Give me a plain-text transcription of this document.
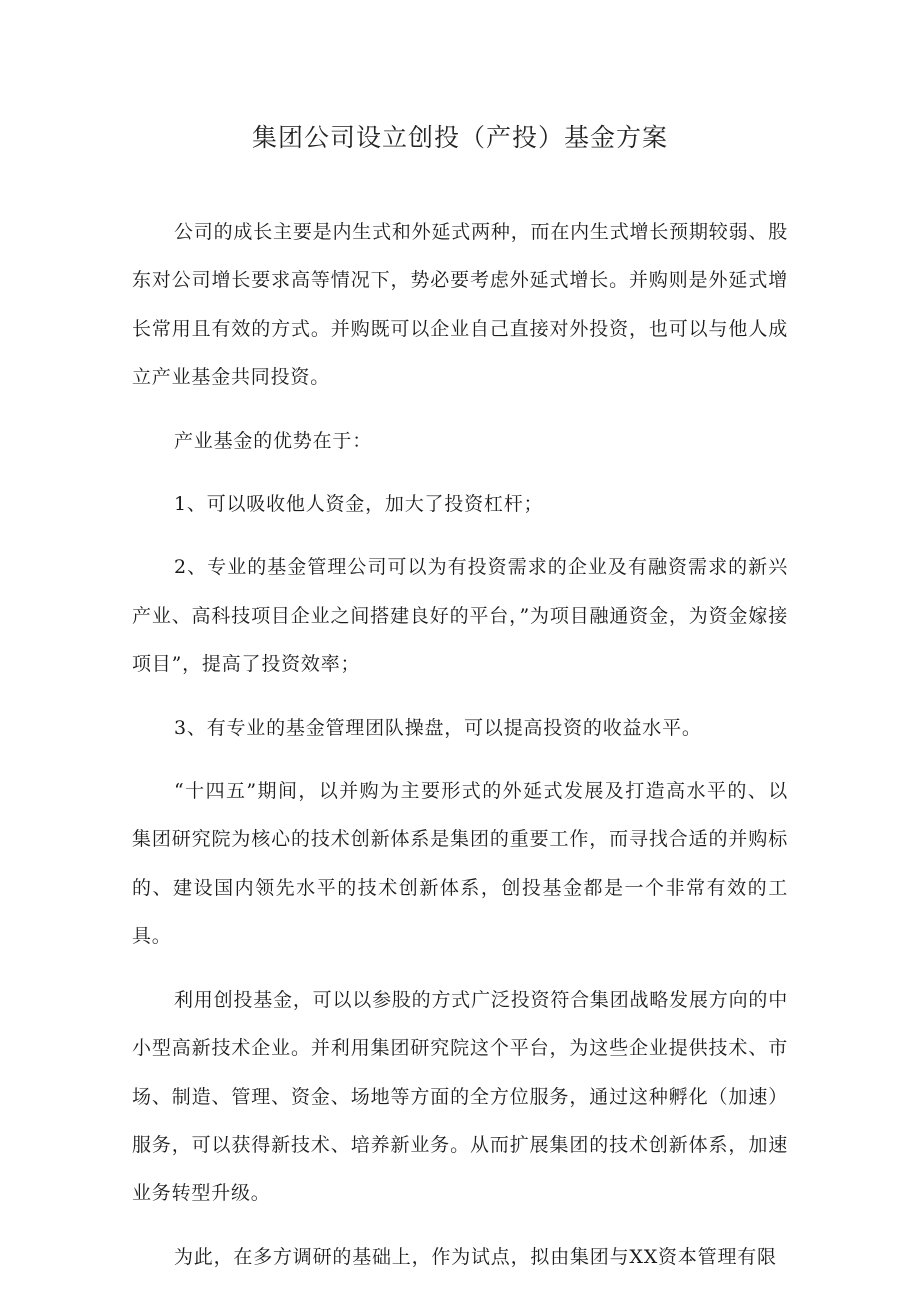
集团公司设立创投（产投）基金方案

公司的成长主要是内生式和外延式两种，而在内生式增长预期较弱、股东对公司增长要求高等情况下，势必要考虑外延式增长。并购则是外延式增长常用且有效的方式。并购既可以企业自己直接对外投资，也可以与他人成立产业基金共同投资。

产业基金的优势在于：

1、可以吸收他人资金，加大了投资杠杆；

2、专业的基金管理公司可以为有投资需求的企业及有融资需求的新兴产业、高科技项目企业之间搭建良好的平台，”为项目融通资金，为资金嫁接项目”，提高了投资效率；

3、有专业的基金管理团队操盘，可以提高投资的收益水平。

“十四五”期间，以并购为主要形式的外延式发展及打造高水平的、以集团研究院为核心的技术创新体系是集团的重要工作，而寻找合适的并购标的、建设国内领先水平的技术创新体系，创投基金都是一个非常有效的工具。

利用创投基金，可以以参股的方式广泛投资符合集团战略发展方向的中小型高新技术企业。并利用集团研究院这个平台，为这些企业提供技术、市场、制造、管理、资金、场地等方面的全方位服务，通过这种孵化（加速）服务，可以获得新技术、培养新业务。从而扩展集团的技术创新体系，加速业务转型升级。

为此，在多方调研的基础上，作为试点，拟由集团与XX资本管理有限
